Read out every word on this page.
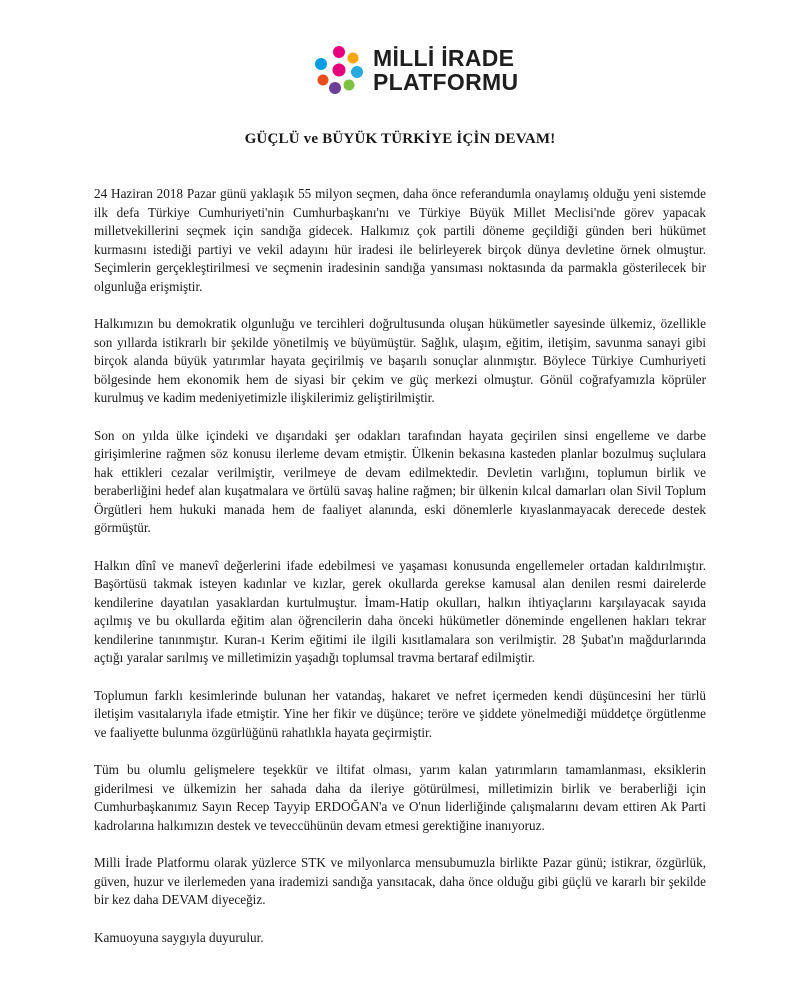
MİLLİ İRADE
PLATFORMU
GÜÇLÜ ve BÜYÜK TÜRKİYE İÇİN DEVAM!

24 Haziran 2018 Pazar günü yaklaşık 55 milyon seçmen, daha önce referandumla onaylamış olduğu yeni sistemde ilk defa Türkiye Cumhuriyeti'nin Cumhurbaşkanı'nı ve Türkiye Büyük Millet Meclisi'nde görev yapacak milletvekillerini seçmek için sandığa gidecek. Halkımız çok partili döneme geçildiği günden beri hükümet kurmasını istediği partiyi ve vekil adayını hür iradesi ile belirleyerek birçok dünya devletine örnek olmuştur. Seçimlerin gerçekleştirilmesi ve seçmenin iradesinin sandığa yansıması noktasında da parmakla gösterilecek bir olgunluğa erişmiştir.

Halkımızın bu demokratik olgunluğu ve tercihleri doğrultusunda oluşan hükümetler sayesinde ülkemiz, özellikle son yıllarda istikrarlı bir şekilde yönetilmiş ve büyümüştür. Sağlık, ulaşım, eğitim, iletişim, savunma sanayi gibi birçok alanda büyük yatırımlar hayata geçirilmiş ve başarılı sonuçlar alınmıştır. Böylece Türkiye Cumhuriyeti bölgesinde hem ekonomik hem de siyasi bir çekim ve güç merkezi olmuştur. Gönül coğrafyamızla köprüler kurulmuş ve kadim medeniyetimizle ilişkilerimiz geliştirilmiştir.

Son on yılda ülke içindeki ve dışarıdaki şer odakları tarafından hayata geçirilen sinsi engelleme ve darbe girişimlerine rağmen söz konusu ilerleme devam etmiştir. Ülkenin bekasına kasteden planlar bozulmuş suçlulara hak ettikleri cezalar verilmiştir, verilmeye de devam edilmektedir. Devletin varlığını, toplumun birlik ve beraberliğini hedef alan kuşatmalara ve örtülü savaş haline rağmen; bir ülkenin kılcal damarları olan Sivil Toplum Örgütleri hem hukuki manada hem de faaliyet alanında, eski dönemlerle kıyaslanmayacak derecede destek görmüştür.

Halkın dînî ve manevî değerlerini ifade edebilmesi ve yaşaması konusunda engellemeler ortadan kaldırılmıştır. Başörtüsü takmak isteyen kadınlar ve kızlar, gerek okullarda gerekse kamusal alan denilen resmi dairelerde kendilerine dayatılan yasaklardan kurtulmuştur. İmam-Hatip okulları, halkın ihtiyaçlarını karşılayacak sayıda açılmış ve bu okullarda eğitim alan öğrencilerin daha önceki hükümetler döneminde engellenen hakları tekrar kendilerine tanınmıştır. Kuran-ı Kerim eğitimi ile ilgili kısıtlamalara son verilmiştir. 28 Şubat'ın mağdurlarında açtığı yaralar sarılmış ve milletimizin yaşadığı toplumsal travma bertaraf edilmiştir.

Toplumun farklı kesimlerinde bulunan her vatandaş, hakaret ve nefret içermeden kendi düşüncesini her türlü iletişim vasıtalarıyla ifade etmiştir. Yine her fikir ve düşünce; teröre ve şiddete yönelmediği müddetçe örgütlenme ve faaliyette bulunma özgürlüğünü rahatlıkla hayata geçirmiştir.

Tüm bu olumlu gelişmelere teşekkür ve iltifat olması, yarım kalan yatırımların tamamlanması, eksiklerin giderilmesi ve ülkemizin her sahada daha da ileriye götürülmesi, milletimizin birlik ve beraberliği için Cumhurbaşkanımız Sayın Recep Tayyip ERDOĞAN'a ve O'nun liderliğinde çalışmalarını devam ettiren Ak Parti kadrolarına halkımızın destek ve teveccühünün devam etmesi gerektiğine inanıyoruz.

Milli İrade Platformu olarak yüzlerce STK ve milyonlarca mensubumuzla birlikte Pazar günü; istikrar, özgürlük, güven, huzur ve ilerlemeden yana irademizi sandığa yansıtacak, daha önce olduğu gibi güçlü ve kararlı bir şekilde bir kez daha DEVAM diyeceğiz.

Kamuoyuna saygıyla duyurulur.
